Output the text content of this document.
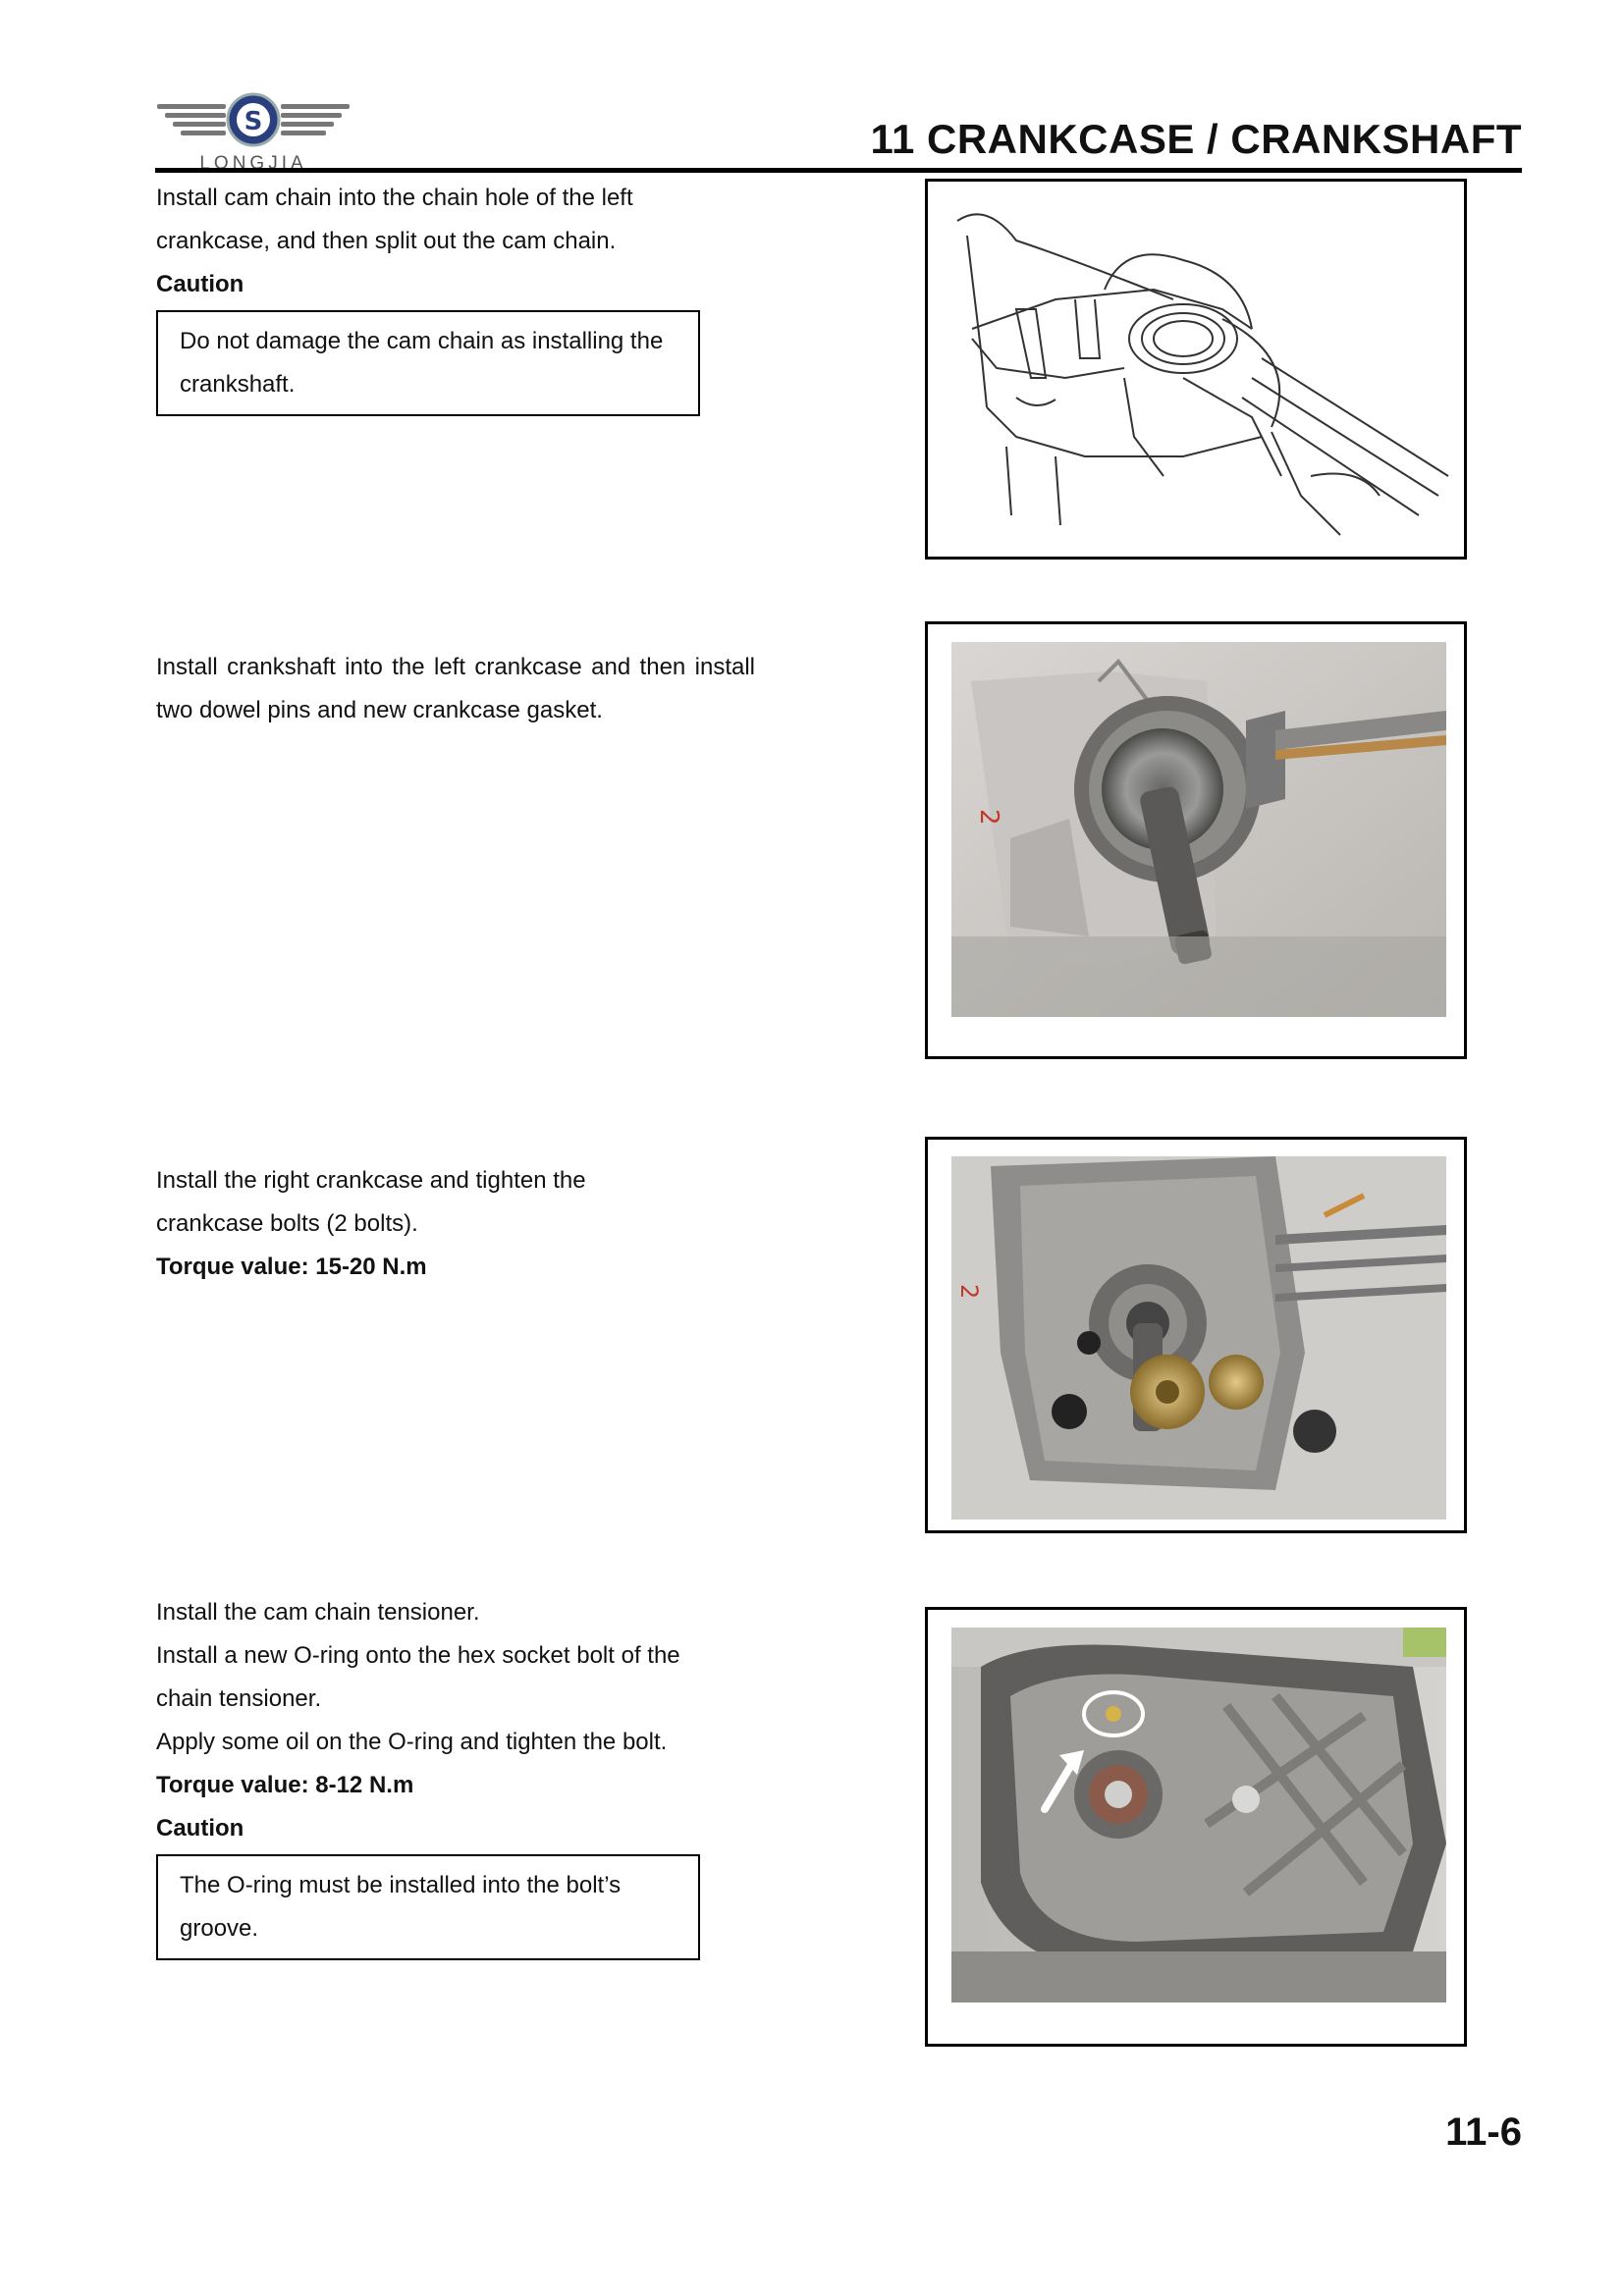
S
LONGJIA
11 CRANKCASE / CRANKSHAFT

Install cam chain into the chain hole of the left crankcase, and then split out the cam chain.

Caution

Do not damage the cam chain as installing the crankshaft.

Install crankshaft into the left crankcase and then install two dowel pins and new crankcase gasket.

2

Install the right crankcase and tighten the crankcase bolts (2 bolts).

Torque value: 15-20 N.m

2

Install the cam chain tensioner.

Install a new O-ring onto the hex socket bolt of the chain tensioner.

Apply some oil on the O-ring and tighten the bolt.

Torque value: 8-12 N.m

Caution

The O-ring must be installed into the bolt’s groove.

11-6
